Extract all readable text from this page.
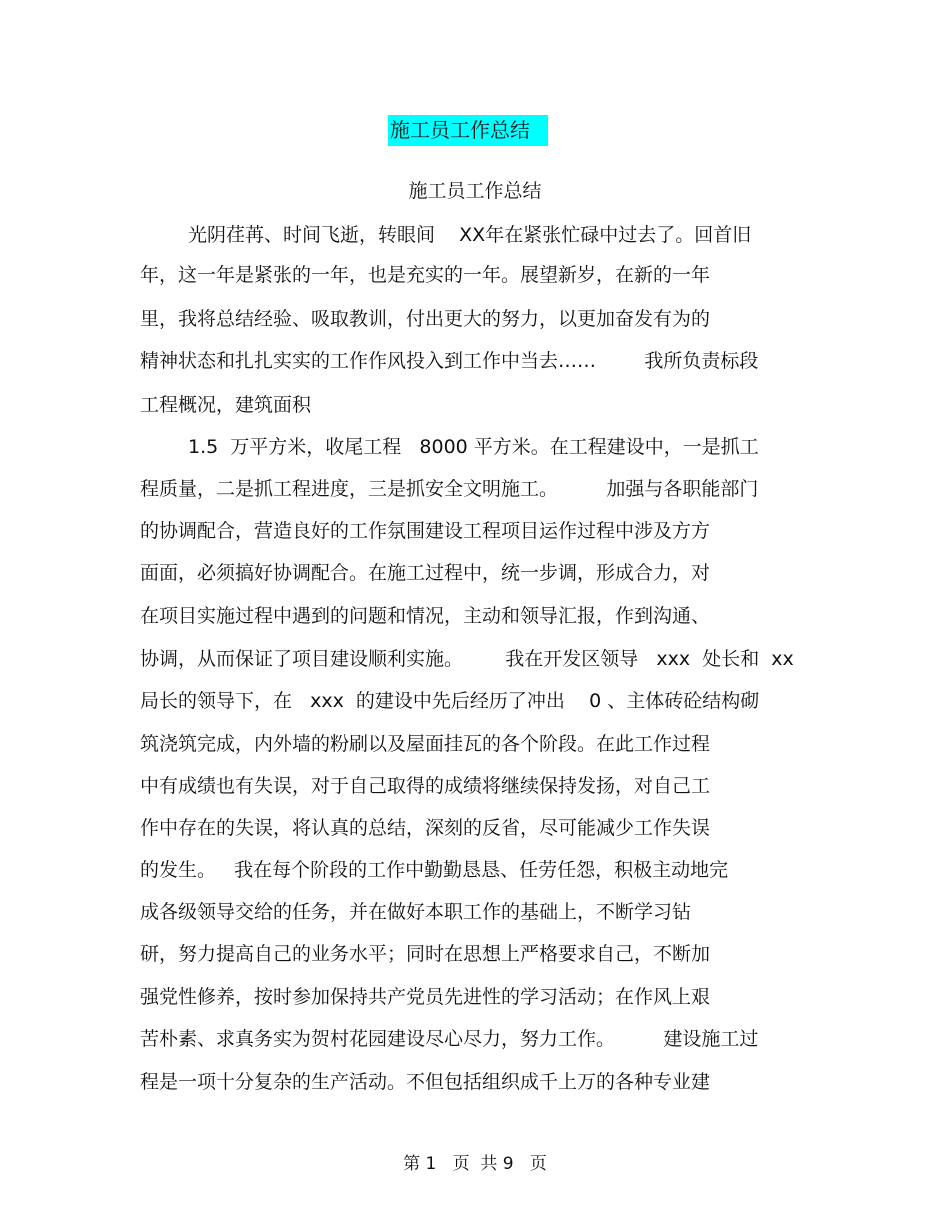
施工员工作总结
施工员工作总结
光阴荏苒、时间飞逝，转眼间    XX年在紧张忙碌中过去了。回首旧
年，这一年是紧张的一年，也是充实的一年。展望新岁，在新的一年
里，我将总结经验、吸取教训，付出更大的努力，以更加奋发有为的
精神状态和扎扎实实的工作作风投入到工作中当去……        我所负责标段
工程概况，建筑面积
1.5  万平方米，收尾工程   8000 平方米。在工程建设中，一是抓工
程质量，二是抓工程进度，三是抓安全文明施工。        加强与各职能部门
的协调配合，营造良好的工作氛围建设工程项目运作过程中涉及方方
面面，必须搞好协调配合。在施工过程中，统一步调，形成合力，对
在项目实施过程中遇到的问题和情况，主动和领导汇报，作到沟通、
协调，从而保证了项目建设顺利实施。       我在开发区领导   xxx  处长和  xx
局长的领导下，在   xxx  的建设中先后经历了冲出    0 、主体砖砼结构砌
筑浇筑完成，内外墙的粉刷以及屋面挂瓦的各个阶段。在此工作过程
中有成绩也有失误，对于自己取得的成绩将继续保持发扬，对自己工
作中存在的失误，将认真的总结，深刻的反省，尽可能减少工作失误
的发生。   我在每个阶段的工作中勤勤恳恳、任劳任怨，积极主动地完
成各级领导交给的任务，并在做好本职工作的基础上，不断学习钻
研，努力提高自己的业务水平；同时在思想上严格要求自己，不断加
强党性修养，按时参加保持共产党员先进性的学习活动；在作风上艰
苦朴素、求真务实为贺村花园建设尽心尽力，努力工作。        建设施工过
程是一项十分复杂的生产活动。不但包括组织成千上万的各种专业建
第 1   页  共 9   页
